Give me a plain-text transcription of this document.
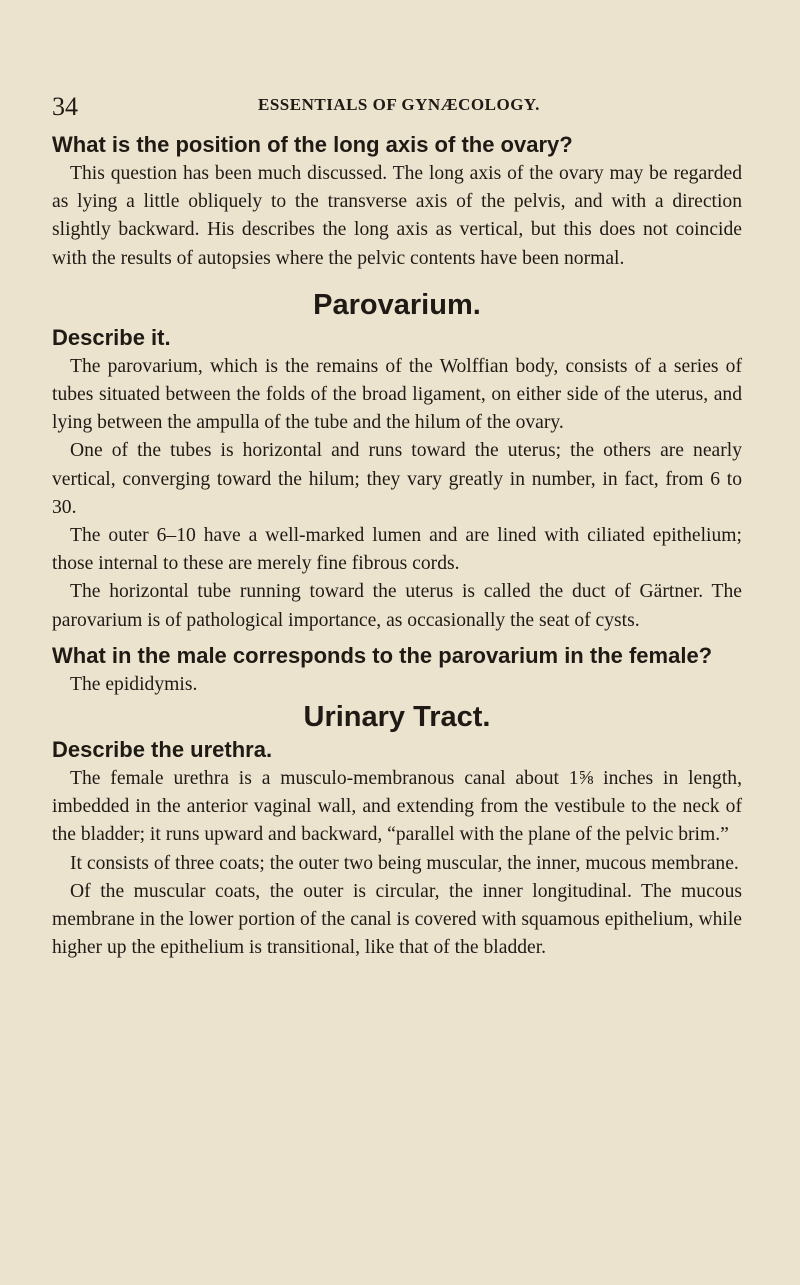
34	ESSENTIALS OF GYNÆCOLOGY.

What is the position of the long axis of the ovary?

This question has been much discussed. The long axis of the ovary may be regarded as lying a little obliquely to the transverse axis of the pelvis, and with a direction slightly backward. His describes the long axis as vertical, but this does not coincide with the results of autopsies where the pelvic contents have been normal.

Parovarium.

Describe it.

The parovarium, which is the remains of the Wolffian body, consists of a series of tubes situated between the folds of the broad ligament, on either side of the uterus, and lying between the ampulla of the tube and the hilum of the ovary.

One of the tubes is horizontal and runs toward the uterus; the others are nearly vertical, converging toward the hilum; they vary greatly in number, in fact, from 6 to 30.

The outer 6–10 have a well-marked lumen and are lined with ciliated epithelium; those internal to these are merely fine fibrous cords.

The horizontal tube running toward the uterus is called the duct of Gärtner. The parovarium is of pathological importance, as occasionally the seat of cysts.

What in the male corresponds to the parovarium in the female?

The epididymis.

Urinary Tract.

Describe the urethra.

The female urethra is a musculo-membranous canal about 1⅝ inches in length, imbedded in the anterior vaginal wall, and extending from the vestibule to the neck of the bladder; it runs upward and backward, “parallel with the plane of the pelvic brim.”

It consists of three coats; the outer two being muscular, the inner, mucous membrane.

Of the muscular coats, the outer is circular, the inner longitudinal. The mucous membrane in the lower portion of the canal is covered with squamous epithelium, while higher up the epithelium is transitional, like that of the bladder.
